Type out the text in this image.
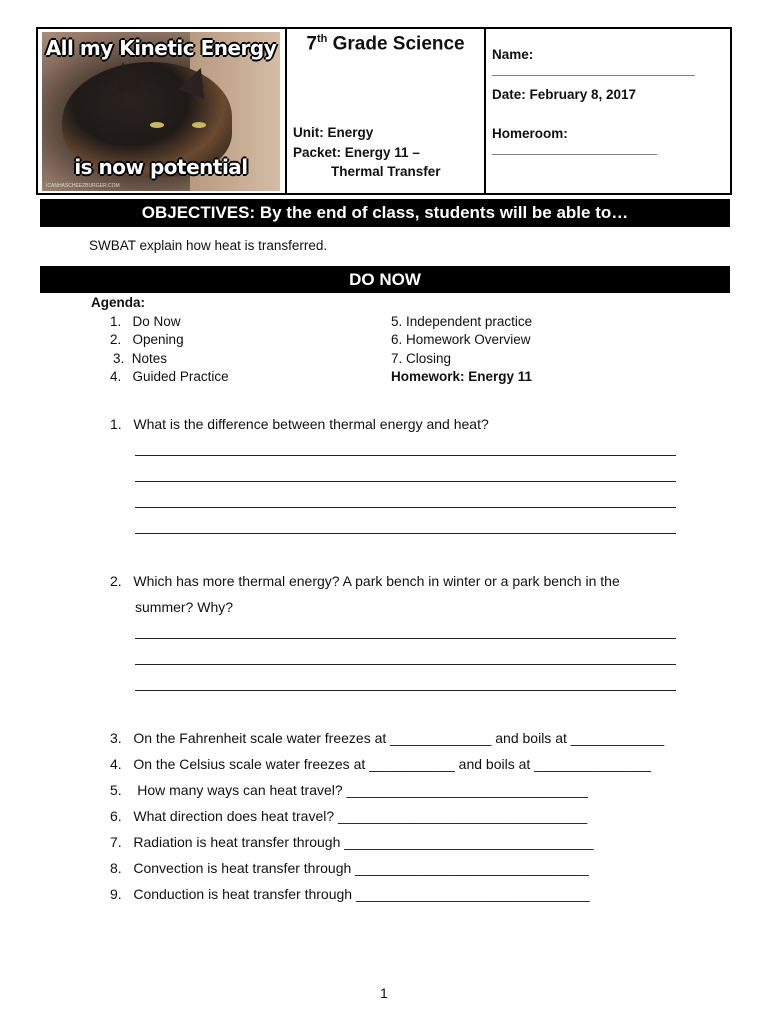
All my Kinetic Energy
is now potential
ICANHASCHEEZBURGER.COM
7th Grade Science
Unit: Energy
Packet: Energy 11 –
Thermal Transfer
Name: ___________________________
Date: February 8, 2017
Homeroom: ______________________
OBJECTIVES: By the end of class, students will be able to…
SWBAT explain how heat is transferred.
DO NOW
Agenda:
1. Do Now
2. Opening
3. Notes
4. Guided Practice
5. Independent practice
6. Homework Overview
7. Closing
Homework: Energy 11
1. What is the difference between thermal energy and heat?
2. Which has more thermal energy? A park bench in winter or a park bench in the
summer? Why?
3. On the Fahrenheit scale water freezes at _____________ and boils at ____________
4. On the Celsius scale water freezes at ___________ and boils at _______________
5.    How many ways can heat travel? _______________________________
6. What direction does heat travel? ________________________________
7. Radiation is heat transfer through ________________________________
8. Convection is heat transfer through ______________________________
9. Conduction is heat transfer through ______________________________
1
